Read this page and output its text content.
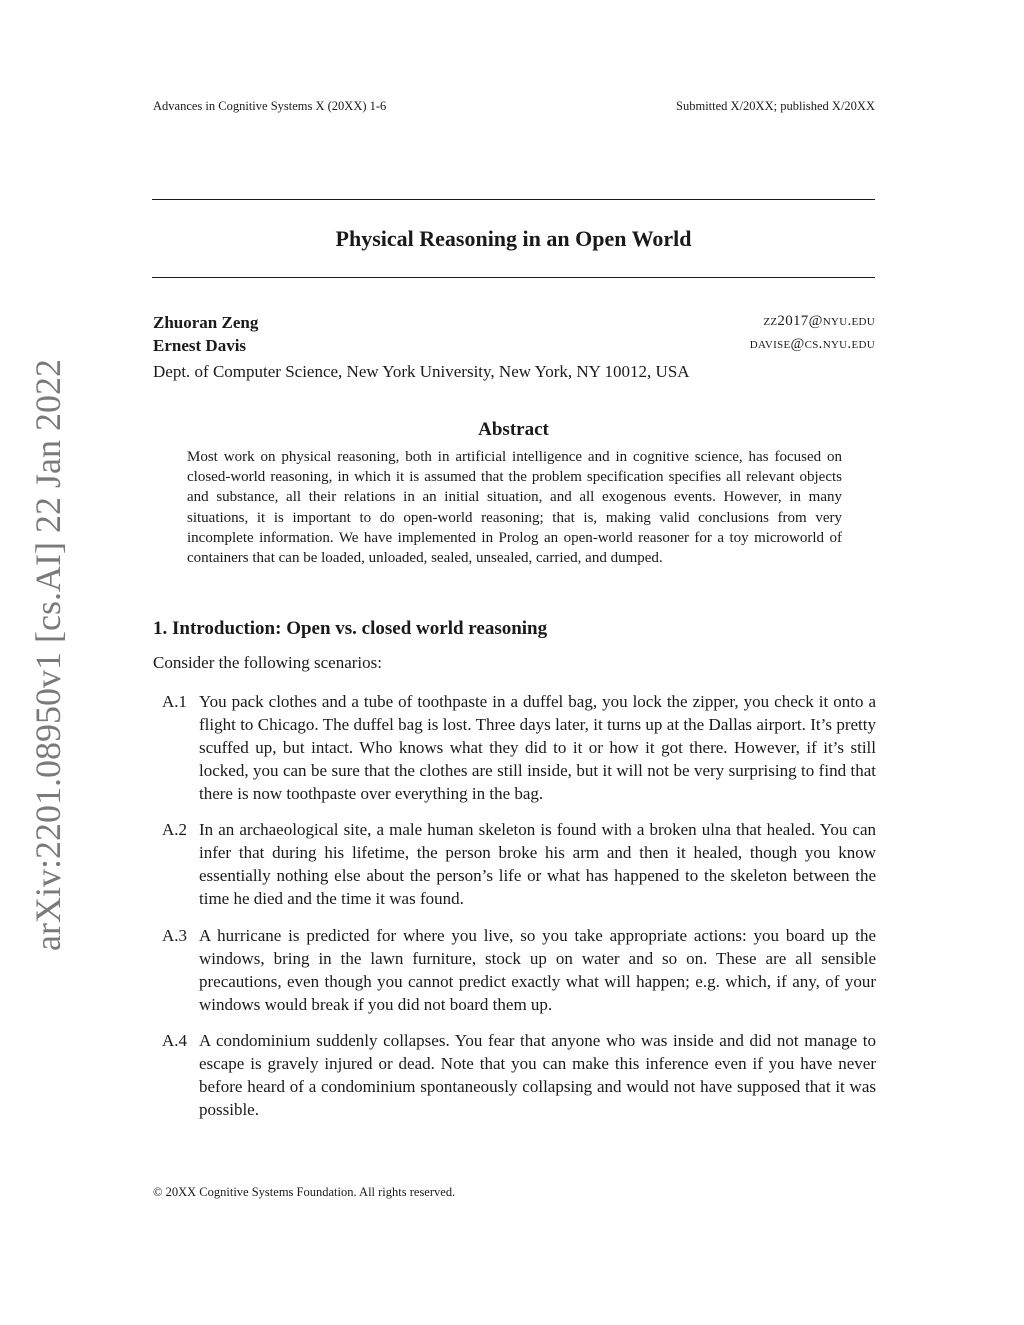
Advances in Cognitive Systems X (20XX) 1-6	Submitted X/20XX; published X/20XX
Physical Reasoning in an Open World
Zhuoran Zeng	zz2017@nyu.edu
Ernest Davis	davise@cs.nyu.edu
Dept. of Computer Science, New York University, New York, NY 10012, USA
Abstract
Most work on physical reasoning, both in artificial intelligence and in cognitive science, has focused on closed-world reasoning, in which it is assumed that the problem specification specifies all relevant objects and substance, all their relations in an initial situation, and all exogenous events. However, in many situations, it is important to do open-world reasoning; that is, making valid conclusions from very incomplete information. We have implemented in Prolog an open-world reasoner for a toy microworld of containers that can be loaded, unloaded, sealed, unsealed, carried, and dumped.
1. Introduction: Open vs. closed world reasoning
Consider the following scenarios:
A.1 You pack clothes and a tube of toothpaste in a duffel bag, you lock the zipper, you check it onto a flight to Chicago. The duffel bag is lost. Three days later, it turns up at the Dallas airport. It’s pretty scuffed up, but intact. Who knows what they did to it or how it got there. However, if it’s still locked, you can be sure that the clothes are still inside, but it will not be very surprising to find that there is now toothpaste over everything in the bag.
A.2 In an archaeological site, a male human skeleton is found with a broken ulna that healed. You can infer that during his lifetime, the person broke his arm and then it healed, though you know essentially nothing else about the person’s life or what has happened to the skeleton between the time he died and the time it was found.
A.3 A hurricane is predicted for where you live, so you take appropriate actions: you board up the windows, bring in the lawn furniture, stock up on water and so on. These are all sensible precautions, even though you cannot predict exactly what will happen; e.g. which, if any, of your windows would break if you did not board them up.
A.4 A condominium suddenly collapses. You fear that anyone who was inside and did not manage to escape is gravely injured or dead. Note that you can make this inference even if you have never before heard of a condominium spontaneously collapsing and would not have supposed that it was possible.
© 20XX Cognitive Systems Foundation. All rights reserved.
arXiv:2201.08950v1 [cs.AI] 22 Jan 2022
